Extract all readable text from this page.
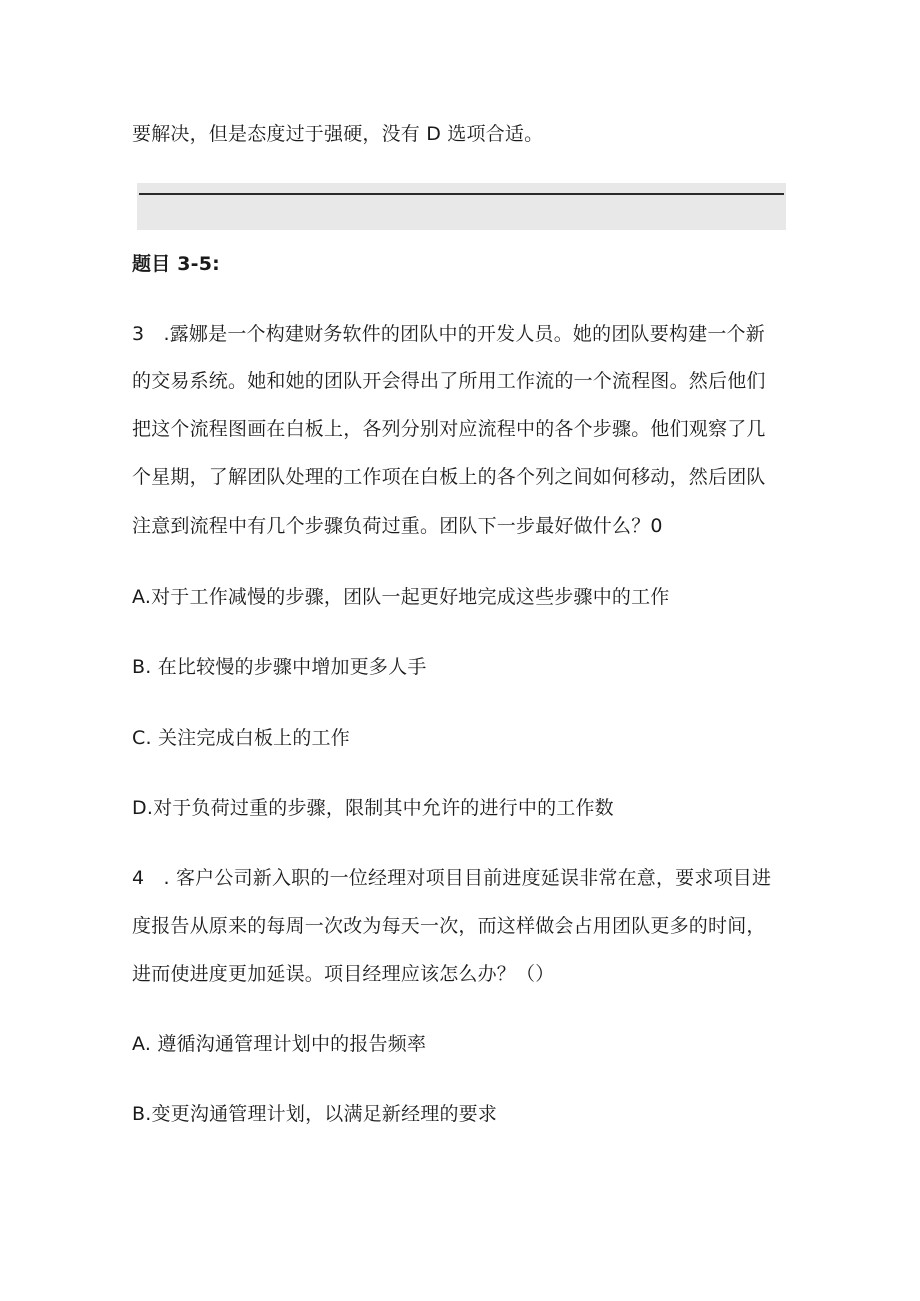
要解决，但是态度过于强硬，没有 D 选项合适。
题目 3-5:
3　.露娜是一个构建财务软件的团队中的开发人员。她的团队要构建一个新
的交易系统。她和她的团队开会得出了所用工作流的一个流程图。然后他们
把这个流程图画在白板上，各列分别对应流程中的各个步骤。他们观察了几
个星期，了解团队处理的工作项在白板上的各个列之间如何移动，然后团队
注意到流程中有几个步骤负荷过重。团队下一步最好做什么？0
A.对于工作减慢的步骤，团队一起更好地完成这些步骤中的工作
B. 在比较慢的步骤中增加更多人手
C. 关注完成白板上的工作
D.对于负荷过重的步骤，限制其中允许的进行中的工作数
4　. 客户公司新入职的一位经理对项目目前进度延误非常在意，要求项目进
度报告从原来的每周一次改为每天一次，而这样做会占用团队更多的时间，
进而使进度更加延误。项目经理应该怎么办？（）
A. 遵循沟通管理计划中的报告频率
B.变更沟通管理计划，以满足新经理的要求
